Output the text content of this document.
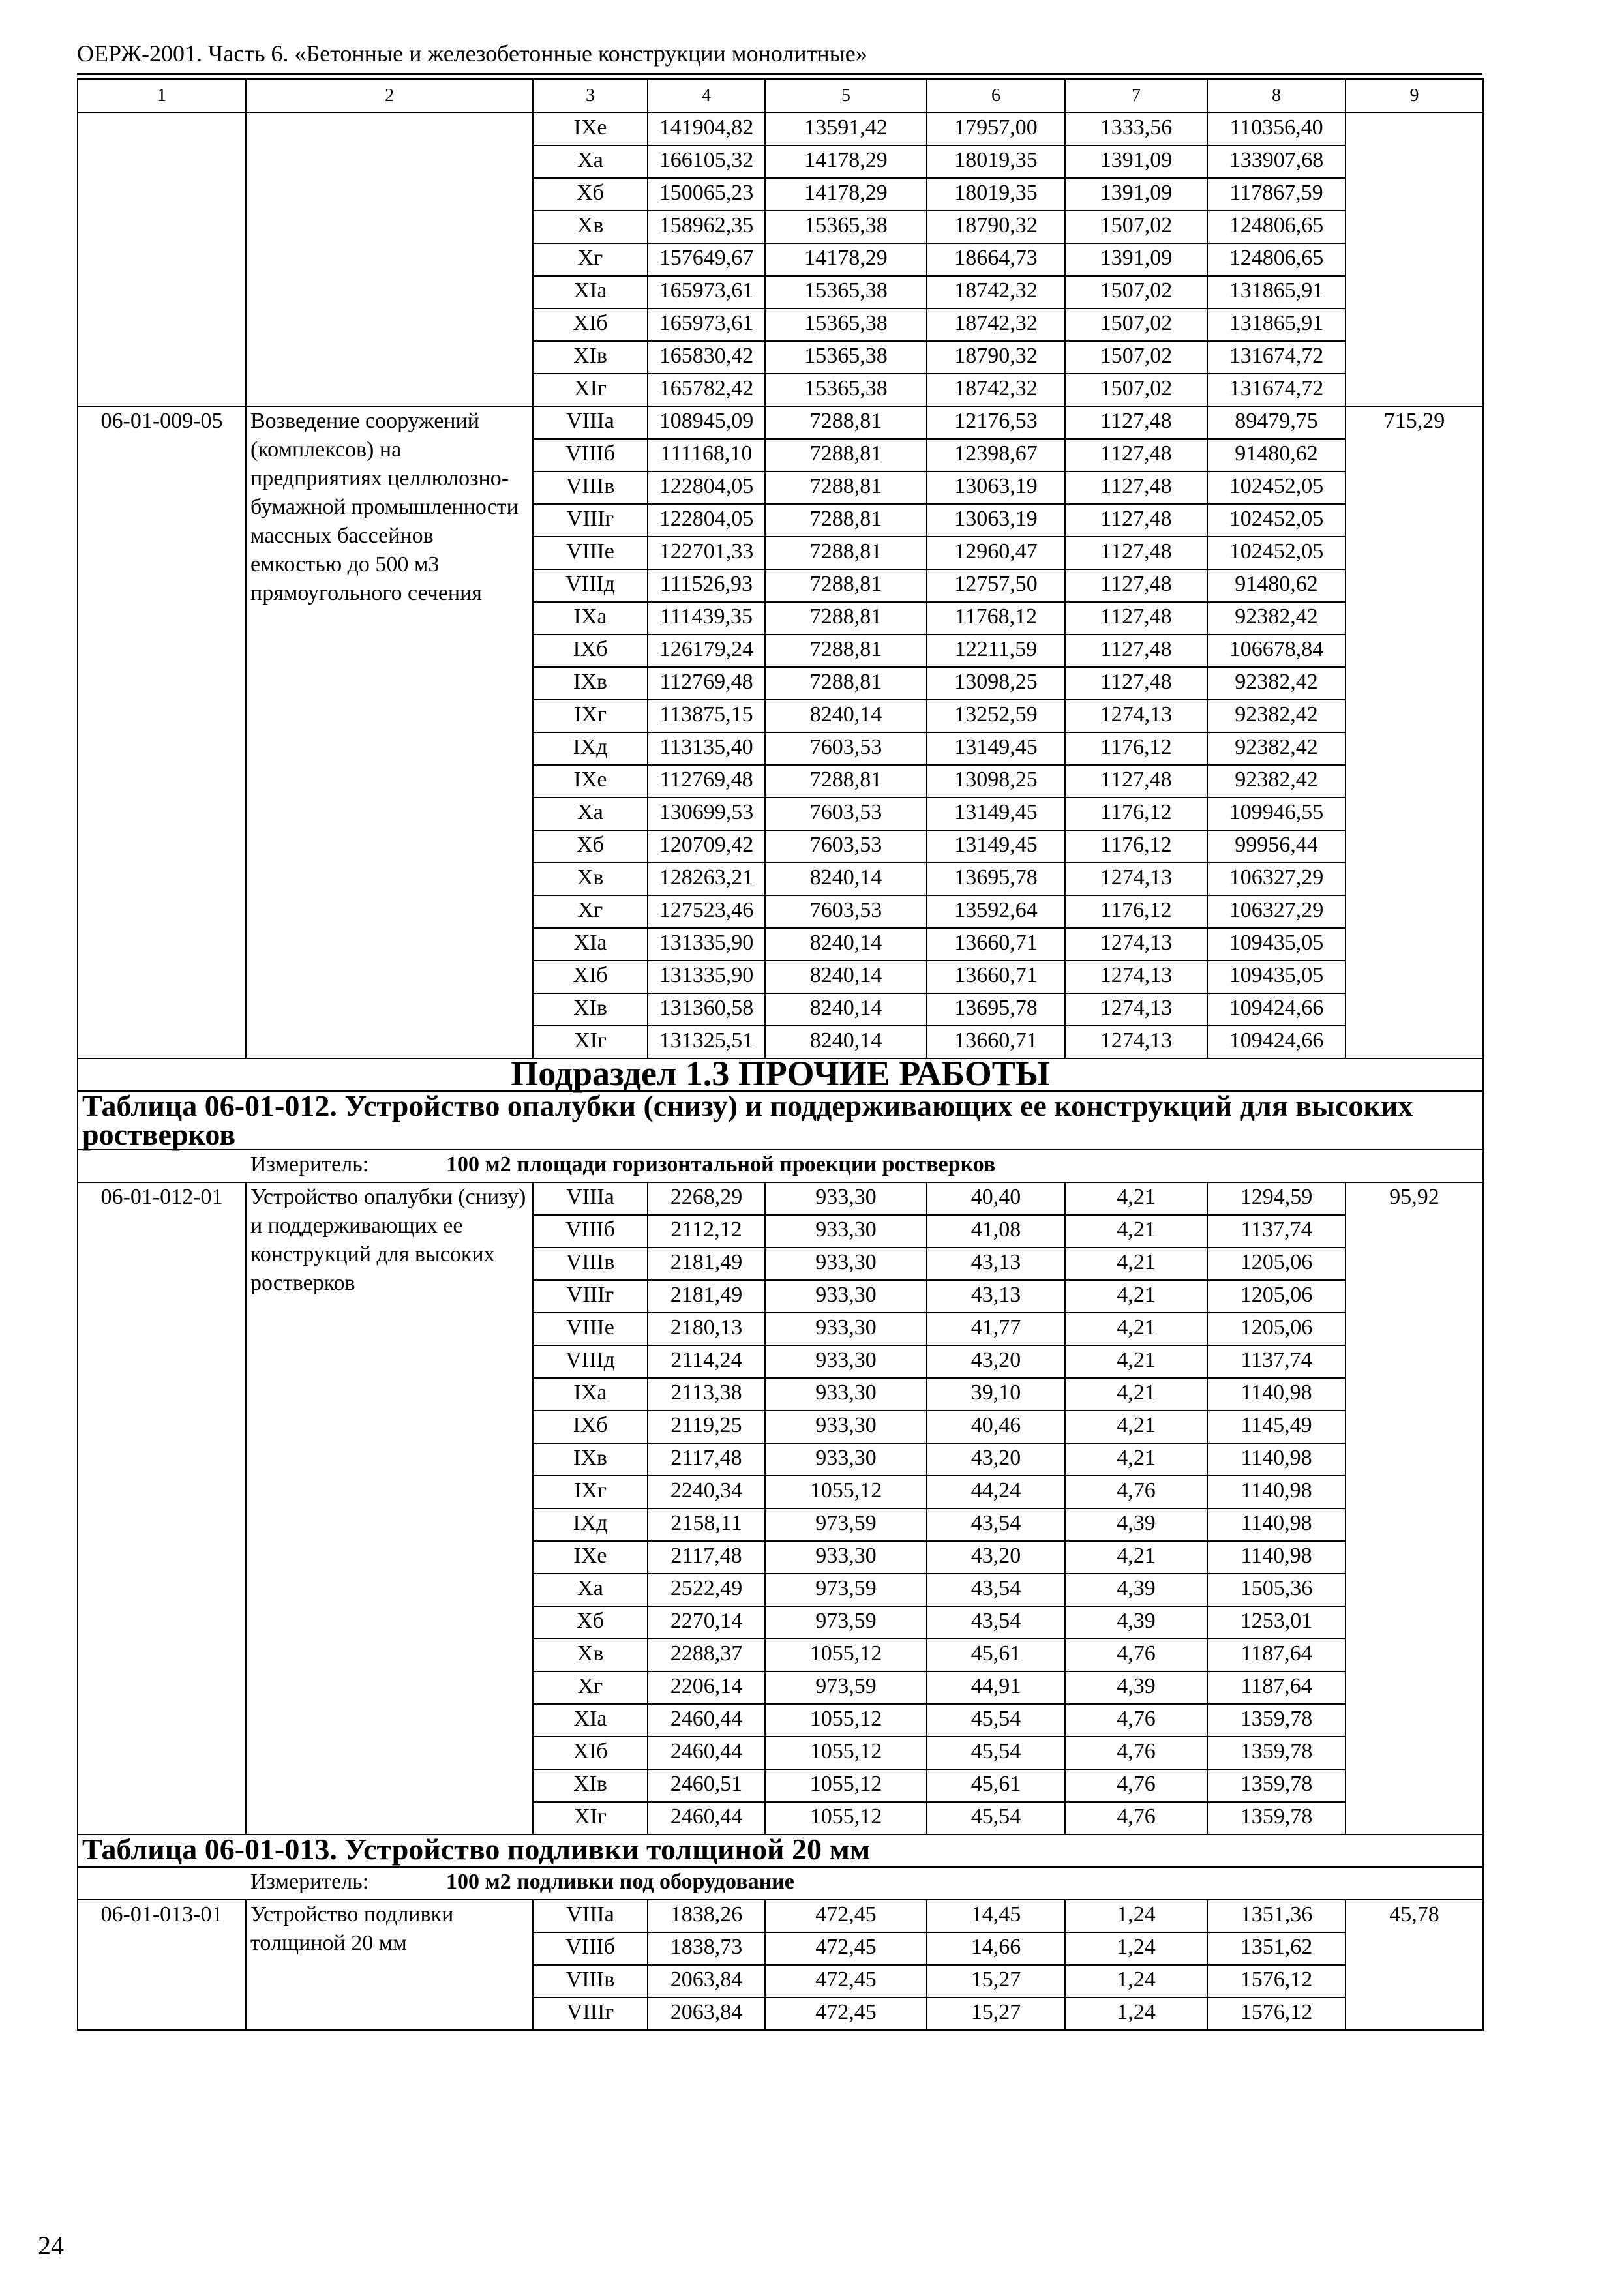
ОЕРЖ-2001. Часть 6. «Бетонные и железобетонные конструкции монолитные»
1	2	3	4	5	6	7	8	9
		IXe	141904,82	13591,42	17957,00	1333,56	110356,40	
		Xa	166105,32	14178,29	18019,35	1391,09	133907,68	
		Xб	150065,23	14178,29	18019,35	1391,09	117867,59	
		Xв	158962,35	15365,38	18790,32	1507,02	124806,65	
		Xг	157649,67	14178,29	18664,73	1391,09	124806,65	
		XIa	165973,61	15365,38	18742,32	1507,02	131865,91	
		XIб	165973,61	15365,38	18742,32	1507,02	131865,91	
		XIв	165830,42	15365,38	18790,32	1507,02	131674,72	
		XIг	165782,42	15365,38	18742,32	1507,02	131674,72	
06-01-009-05	Возведение сооружений (комплексов) на предприятиях целлюлозно-бумажной промышленности массных бассейнов емкостью до 500 м3 прямоугольного сечения	VIIIa	108945,09	7288,81	12176,53	1127,48	89479,75	715,29
		VIIIб	111168,10	7288,81	12398,67	1127,48	91480,62	
		VIIIв	122804,05	7288,81	13063,19	1127,48	102452,05	
		VIIIг	122804,05	7288,81	13063,19	1127,48	102452,05	
		VIIIe	122701,33	7288,81	12960,47	1127,48	102452,05	
		VIIIд	111526,93	7288,81	12757,50	1127,48	91480,62	
		IXa	111439,35	7288,81	11768,12	1127,48	92382,42	
		IXб	126179,24	7288,81	12211,59	1127,48	106678,84	
		IXв	112769,48	7288,81	13098,25	1127,48	92382,42	
		IXг	113875,15	8240,14	13252,59	1274,13	92382,42	
		IXд	113135,40	7603,53	13149,45	1176,12	92382,42	
		IXe	112769,48	7288,81	13098,25	1127,48	92382,42	
		Xa	130699,53	7603,53	13149,45	1176,12	109946,55	
		Xб	120709,42	7603,53	13149,45	1176,12	99956,44	
		Xв	128263,21	8240,14	13695,78	1274,13	106327,29	
		Xг	127523,46	7603,53	13592,64	1176,12	106327,29	
		XIa	131335,90	8240,14	13660,71	1274,13	109435,05	
		XIб	131335,90	8240,14	13660,71	1274,13	109435,05	
		XIв	131360,58	8240,14	13695,78	1274,13	109424,66	
		XIг	131325,51	8240,14	13660,71	1274,13	109424,66	
Подраздел 1.3 ПРОЧИЕ РАБОТЫ								
Таблица 06-01-012. Устройство опалубки (снизу) и поддерживающих ее конструкций для высоких ростверков								
Измеритель: 100 м2 площади горизонтальной проекции ростверков								
06-01-012-01	Устройство опалубки (снизу) и поддерживающих ее конструкций для высоких ростверков	VIIIa	2268,29	933,30	40,40	4,21	1294,59	95,92
		VIIIб	2112,12	933,30	41,08	4,21	1137,74	
		VIIIв	2181,49	933,30	43,13	4,21	1205,06	
		VIIIг	2181,49	933,30	43,13	4,21	1205,06	
		VIIIe	2180,13	933,30	41,77	4,21	1205,06	
		VIIIд	2114,24	933,30	43,20	4,21	1137,74	
		IXa	2113,38	933,30	39,10	4,21	1140,98	
		IXб	2119,25	933,30	40,46	4,21	1145,49	
		IXв	2117,48	933,30	43,20	4,21	1140,98	
		IXг	2240,34	1055,12	44,24	4,76	1140,98	
		IXд	2158,11	973,59	43,54	4,39	1140,98	
		IXe	2117,48	933,30	43,20	4,21	1140,98	
		Xa	2522,49	973,59	43,54	4,39	1505,36	
		Xб	2270,14	973,59	43,54	4,39	1253,01	
		Xв	2288,37	1055,12	45,61	4,76	1187,64	
		Xг	2206,14	973,59	44,91	4,39	1187,64	
		XIa	2460,44	1055,12	45,54	4,76	1359,78	
		XIб	2460,44	1055,12	45,54	4,76	1359,78	
		XIв	2460,51	1055,12	45,61	4,76	1359,78	
		XIг	2460,44	1055,12	45,54	4,76	1359,78	
Таблица 06-01-013. Устройство подливки толщиной 20 мм								
Измеритель: 100 м2 подливки под оборудование								
06-01-013-01	Устройство подливки толщиной 20 мм	VIIIa	1838,26	472,45	14,45	1,24	1351,36	45,78
		VIIIб	1838,73	472,45	14,66	1,24	1351,62	
		VIIIв	2063,84	472,45	15,27	1,24	1576,12	
		VIIIг	2063,84	472,45	15,27	1,24	1576,12	
24
